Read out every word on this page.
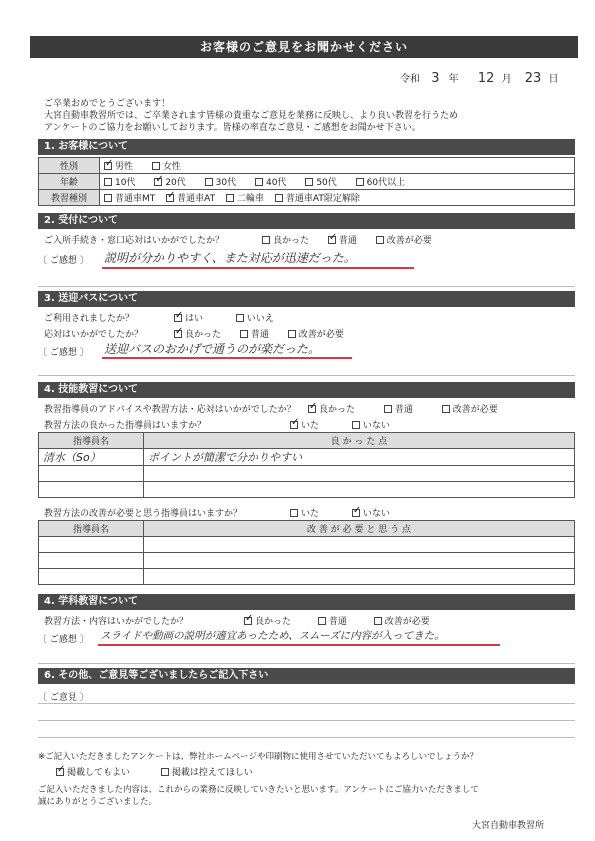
お客様のご意見をお聞かせください
令和 3 年 12 月 23 日
ご卒業おめでとうございます！
大宮自動車教習所では、ご卒業されます皆様の貴重なご意見を業務に反映し、より良い教習を行うため
アンケートのご協力をお願いしております。皆様の率直なご意見・ご感想をお聞かせ下さい。
1. お客様について
性別	✓男性 女性
年齢	10代 ✓ 20代 30代 40代 50代 60代以上
教習種別	普通車MT ✓ 普通車AT 二輪車 普通車AT限定解除
2. 受付について
ご入所手続き・窓口応対はいかがでしたか？	良かった ✓	普通	改善が必要
〔 ご感想 〕 説明が分かりやすく、また対応が迅速だった。
3. 送迎バスについて
ご利用されましたか？ ✓	はい	いいえ
応対はいかがでしたか？ ✓	良かった	普通	改善が必要
〔 ご感想 〕 送迎バスのおかげで通うのが楽だった。
4. 技能教習について
教習指導員のアドバイスや教習方法・応対はいかがでしたか？ ✓	良かった	普通	改善が必要
教習方法の良かった指導員はいますか？ ✓	いた	いない
指導員名	良 か っ た 点
清水（So）	ポイントが簡潔で分かりやすい

教習方法の改善が必要と思う指導員はいますか？	いた ✓	いない
指導員名	改 善 が 必 要 と 思 う 点

4. 学科教習について
教習方法・内容はいかがでしたか？ ✓	良かった	普通	改善が必要
〔 ご感想 〕 スライドや動画の説明が適宜あったため、スムーズに内容が入ってきた。
6. その他、ご意見等ございましたらご記入下さい
〔 ご意見 〕
※ご記入いただきましたアンケートは、弊社ホームページや印刷物に使用させていただいてもよろしいでしょうか？
✓掲載してもよい	掲載は控えてほしい
ご記入いただきました内容は、これからの業務に反映していきたいと思います。アンケートにご協力いただきまして
誠にありがとうございました。
大宮自動車教習所
